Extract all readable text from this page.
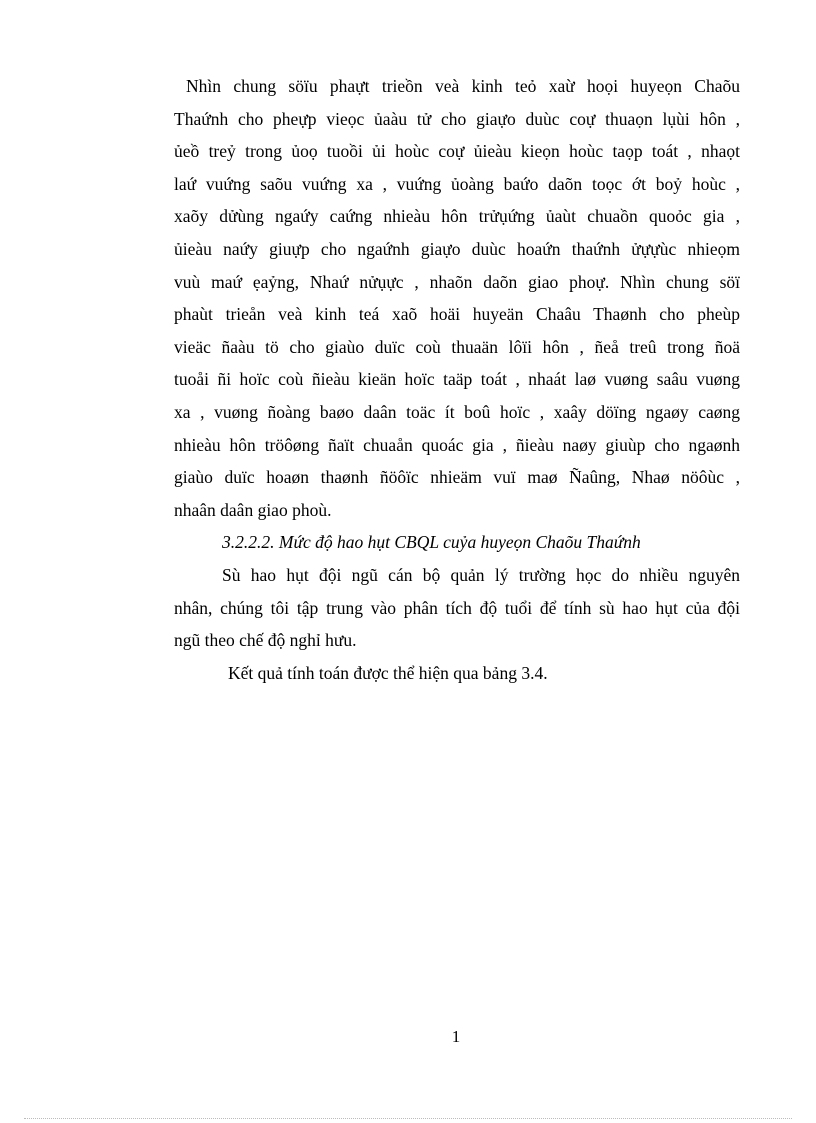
Nhìn chung söïu phaựt trieồn veà kinh teỏ xaừ hoọi huyeọn Chaõu
Thaứnh cho pheựp vieọc ủaàu tử cho giaựo duùc coự thuaọn lụùi hôn ,
ủeồ treỷ trong ủoọ tuoồi ủi hoùc coự ủieàu kieọn hoùc taọp toát , nhaọt
laứ vuứng saõu vuứng xa , vuứng ủoàng baứo daõn toọc ớt boỷ hoùc ,
xaõy dửùng ngaứy caứng nhieàu hôn trửụứng ủaùt chuaồn quoỏc gia ,
ủieàu naứy giuựp cho ngaứnh giaựo duùc hoaứn thaứnh ửựựùc nhieọm
vuù maứ ẹaỷng, Nhaứ nửụực , nhaõn daõn giao phoự. Nhìn chung söï
phaùt trieån veà kinh teá xaõ hoäi huyeän Chaâu Thaønh cho pheùp
vieäc ñaàu tö cho giaùo duïc coù thuaän lôïi hôn , ñeå treû trong ñoä
tuoåi ñi hoïc coù ñieàu kieän hoïc taäp toát , nhaát laø vuøng saâu vuøng
xa , vuøng ñoàng baøo daân toäc ít boû hoïc , xaây döïng ngaøy caøng
nhieàu hôn tröôøng ñaït chuaån quoác gia , ñieàu naøy giuùp cho ngaønh
giaùo duïc hoaøn thaønh ñöôïc nhieäm vuï maø Ñaûng, Nhaø nöôùc ,
nhaân daân giao phoù.
3.2.2.2. Mức độ hao hụt CBQL cuỷa huyeọn Chaõu Thaứnh
Sù hao hụt đội ngũ cán bộ quản lý trường học do nhiều nguyên
nhân, chúng tôi tập trung vào phân tích độ tuổi để tính sù hao hụt của đội
ngũ theo chế độ nghỉ hưu.
Kết quả tính toán được thể hiện qua bảng 3.4.
1
